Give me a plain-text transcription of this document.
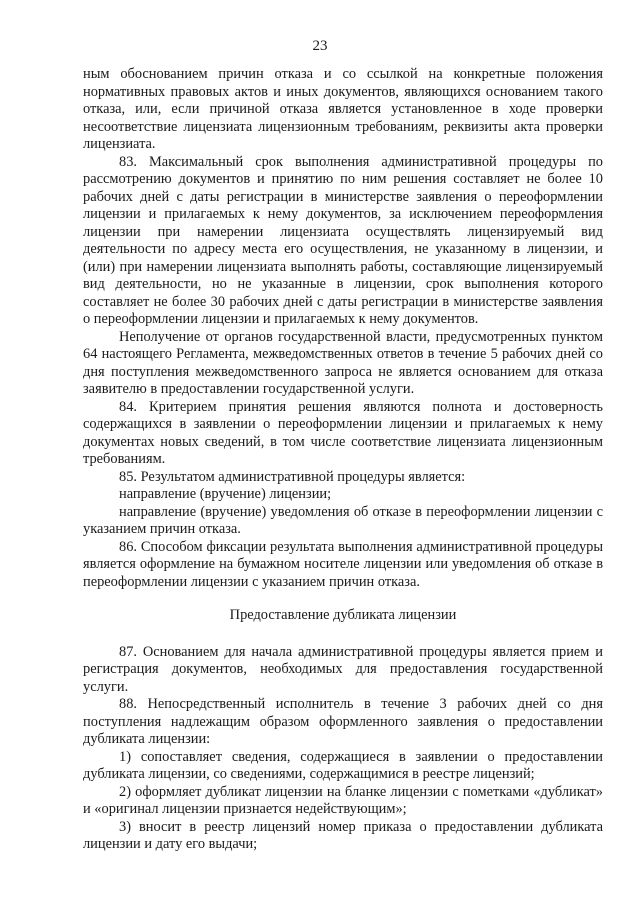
23

ным обоснованием причин отказа и со ссылкой на конкретные положения нормативных правовых актов и иных документов, являющихся основанием такого отказа, или, если причиной отказа является установленное в ходе проверки несоответствие лицензиата лицензионным требованиям, реквизиты акта проверки лицензиата.

83. Максимальный срок выполнения административной процедуры по рассмотрению документов и принятию по ним решения составляет не более 10 рабочих дней с даты регистрации в министерстве заявления о переоформлении лицензии и прилагаемых к нему документов, за исключением переоформления лицензии при намерении лицензиата осуществлять лицензируемый вид деятельности по адресу места его осуществления, не указанному в лицензии, и (или) при намерении лицензиата выполнять работы, составляющие лицензируемый вид деятельности, но не указанные в лицензии, срок выполнения которого составляет не более 30 рабочих дней с даты регистрации в министерстве заявления о переоформлении лицензии и прилагаемых к нему документов.

Неполучение от органов государственной власти, предусмотренных пунктом 64 настоящего Регламента, межведомственных ответов в течение 5 рабочих дней со дня поступления межведомственного запроса не является основанием для отказа заявителю в предоставлении государственной услуги.

84. Критерием принятия решения являются полнота и достоверность содержащихся в заявлении о переоформлении лицензии и прилагаемых к нему документах новых сведений, в том числе соответствие лицензиата лицензионным требованиям.

85. Результатом административной процедуры является:

направление (вручение) лицензии;

направление (вручение) уведомления об отказе в переоформлении лицензии с указанием причин отказа.

86. Способом фиксации результата выполнения административной процедуры является оформление на бумажном носителе лицензии или уведомления об отказе в переоформлении лицензии с указанием причин отказа.

Предоставление дубликата лицензии

87. Основанием для начала административной процедуры является прием и регистрация документов, необходимых для предоставления государственной услуги.

88. Непосредственный исполнитель в течение 3 рабочих дней со дня поступления надлежащим образом оформленного заявления о предоставлении дубликата лицензии:

1) сопоставляет сведения, содержащиеся в заявлении о предоставлении дубликата лицензии, со сведениями, содержащимися в реестре лицензий;

2) оформляет дубликат лицензии на бланке лицензии с пометками «дубликат» и «оригинал лицензии признается недействующим»;

3) вносит в реестр лицензий номер приказа о предоставлении дубликата лицензии и дату его выдачи;
